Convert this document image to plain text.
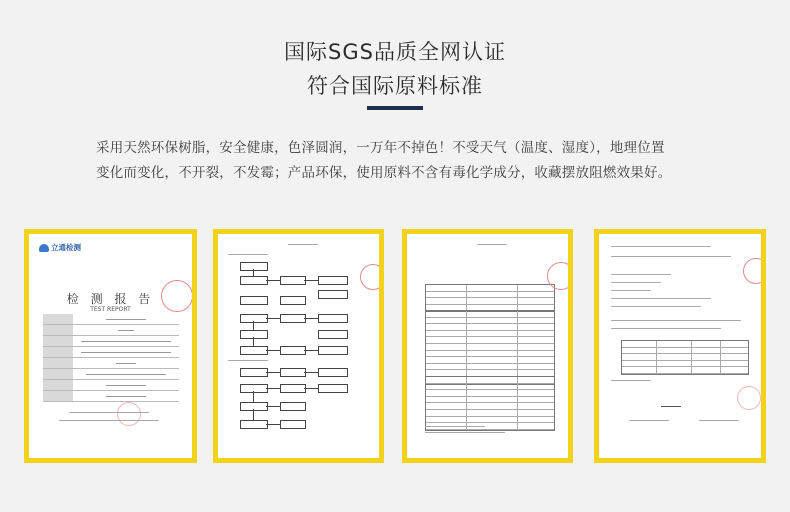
国际SGS品质全网认证
符合国际原料标准
采用天然环保树脂，安全健康，色泽圆润，一万年不掉色！不受天气（温度、湿度），地理位置
变化而变化，不开裂，不发霉；产品环保，使用原料不含有毒化学成分，收藏摆放阻燃效果好。
立通检测
检 测 报 告
TEST REPORT
